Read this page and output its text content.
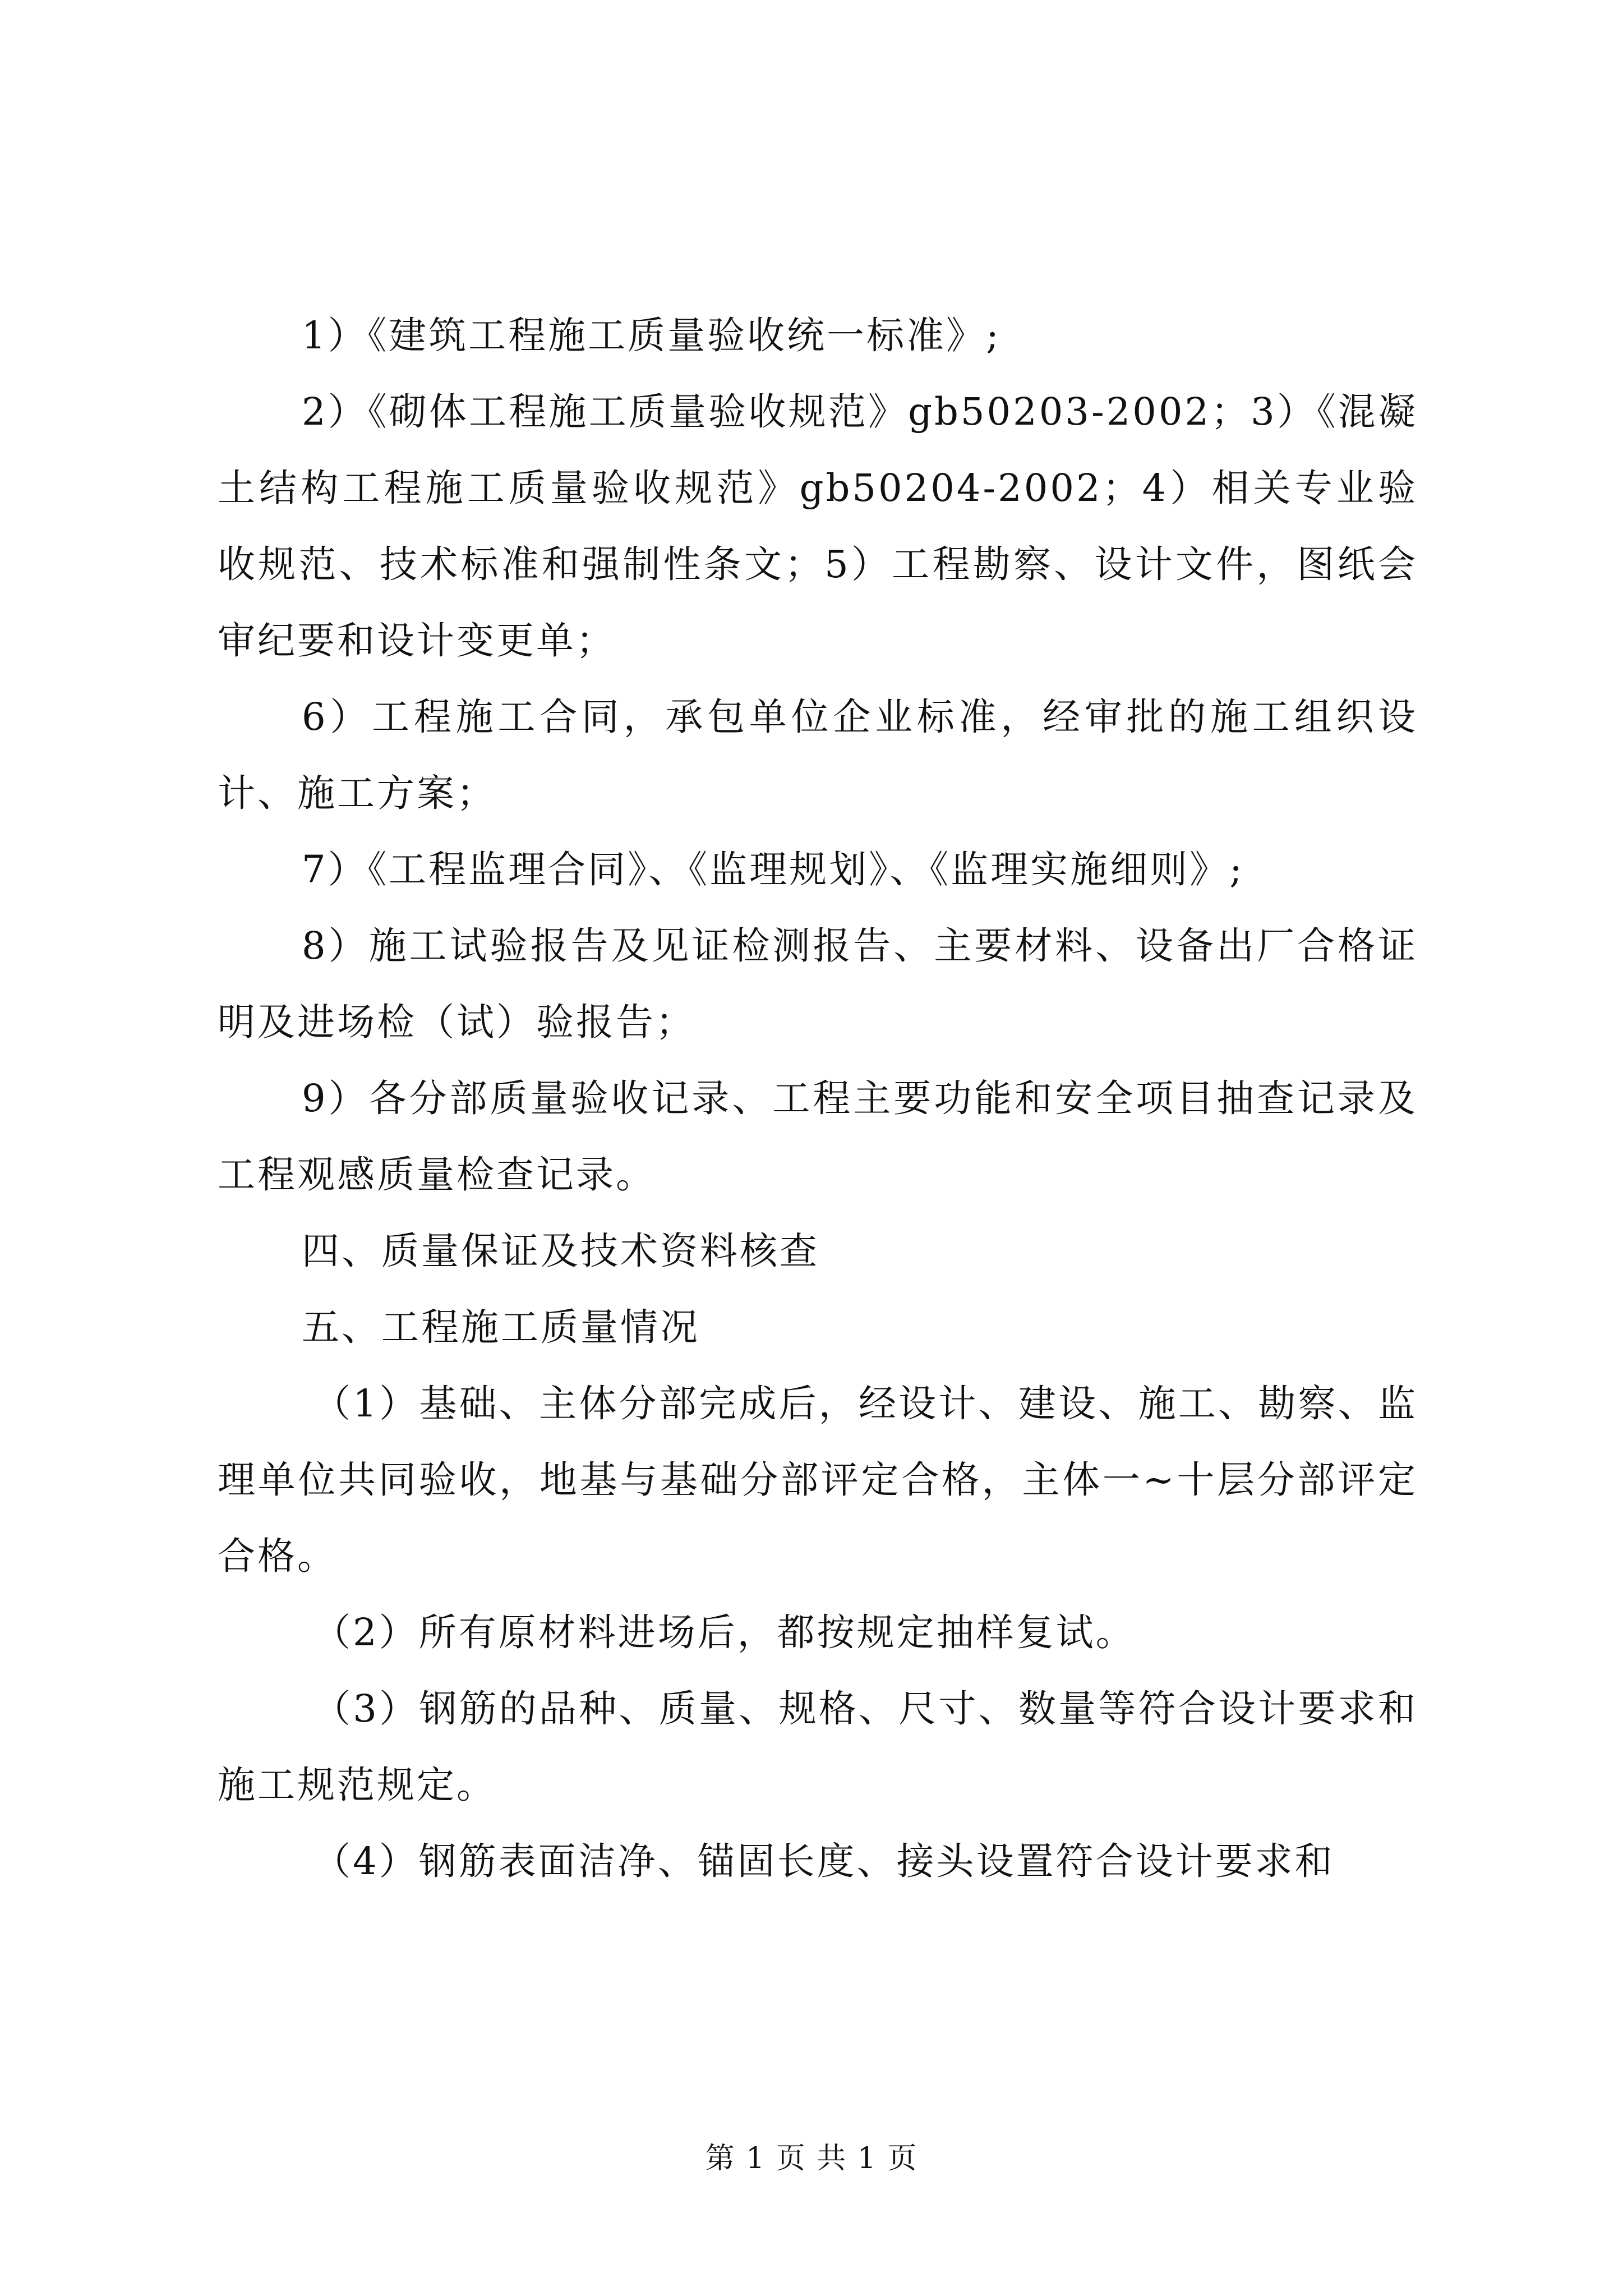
1）《建筑工程施工质量验收统一标准》;

2）《砌体工程施工质量验收规范》gb50203-2002；3）《混凝土结构工程施工质量验收规范》gb50204-2002；4）相关专业验收规范、技术标准和强制性条文；5）工程勘察、设计文件，图纸会审纪要和设计变更单；

6）工程施工合同，承包单位企业标准，经审批的施工组织设计、施工方案；

7）《工程监理合同》、《监理规划》、《监理实施细则》;

8）施工试验报告及见证检测报告、主要材料、设备出厂合格证明及进场检（试）验报告；

9）各分部质量验收记录、工程主要功能和安全项目抽查记录及工程观感质量检查记录。

四、质量保证及技术资料核查

五、工程施工质量情况

（1）基础、主体分部完成后，经设计、建设、施工、勘察、监理单位共同验收，地基与基础分部评定合格，主体一~十层分部评定合格。

（2）所有原材料进场后，都按规定抽样复试。

（3）钢筋的品种、质量、规格、尺寸、数量等符合设计要求和施工规范规定。

（4）钢筋表面洁净、锚固长度、接头设置符合设计要求和

第 1 页 共 1 页
